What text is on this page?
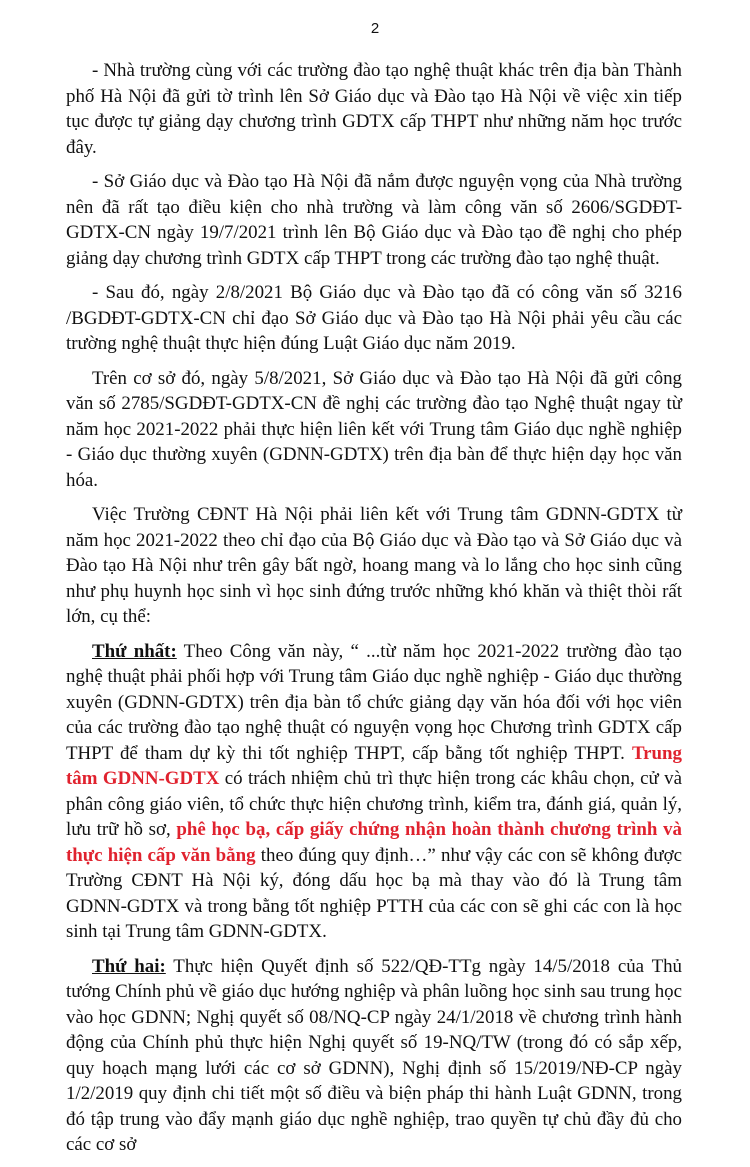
2

- Nhà trường cùng với các trường đào tạo nghệ thuật khác trên địa bàn Thành phố Hà Nội đã gửi tờ trình lên Sở Giáo dục và Đào tạo Hà Nội về việc xin tiếp tục được tự giảng dạy chương trình GDTX cấp THPT như những năm học trước đây.

- Sở Giáo dục và Đào tạo Hà Nội đã nắm được nguyện vọng của Nhà trường nên đã rất tạo điều kiện cho nhà trường và làm công văn số 2606/SGDĐT-GDTX-CN ngày 19/7/2021 trình lên Bộ Giáo dục và Đào tạo đề nghị cho phép giảng dạy chương trình GDTX cấp THPT trong các trường đào tạo nghệ thuật.

- Sau đó, ngày 2/8/2021 Bộ Giáo dục và Đào tạo đã có công văn số 3216 /BGDĐT-GDTX-CN chỉ đạo Sở Giáo dục và Đào tạo Hà Nội phải yêu cầu các trường nghệ thuật thực hiện đúng Luật Giáo dục năm 2019.

Trên cơ sở đó, ngày 5/8/2021, Sở Giáo dục và Đào tạo Hà Nội đã gửi công văn số 2785/SGDĐT-GDTX-CN đề nghị các trường đào tạo Nghệ thuật ngay từ năm học 2021-2022 phải thực hiện liên kết với Trung tâm Giáo dục nghề nghiệp - Giáo dục thường xuyên (GDNN-GDTX) trên địa bàn để thực hiện dạy học văn hóa.

Việc Trường CĐNT Hà Nội phải liên kết với Trung tâm GDNN-GDTX từ năm học 2021-2022 theo chỉ đạo của Bộ Giáo dục và Đào tạo và Sở Giáo dục và Đào tạo Hà Nội như trên gây bất ngờ, hoang mang và lo lắng cho học sinh cũng như phụ huynh học sinh vì học sinh đứng trước những khó khăn và thiệt thòi rất lớn, cụ thể:

Thứ nhất: Theo Công văn này, “ ...từ năm học 2021-2022 trường đào tạo nghệ thuật phải phối hợp với Trung tâm Giáo dục nghề nghiệp - Giáo dục thường xuyên (GDNN-GDTX) trên địa bàn tổ chức giảng dạy văn hóa đối với học viên của các trường đào tạo nghệ thuật có nguyện vọng học Chương trình GDTX cấp THPT để tham dự kỳ thi tốt nghiệp THPT, cấp bằng tốt nghiệp THPT. Trung tâm GDNN-GDTX có trách nhiệm chủ trì thực hiện trong các khâu chọn, cử và phân công giáo viên, tổ chức thực hiện chương trình, kiểm tra, đánh giá, quản lý, lưu trữ hồ sơ, phê học bạ, cấp giấy chứng nhận hoàn thành chương trình và thực hiện cấp văn bằng theo đúng quy định…” như vậy các con sẽ không được Trường CĐNT Hà Nội ký, đóng dấu học bạ mà thay vào đó là Trung tâm GDNN-GDTX và trong bằng tốt nghiệp PTTH của các con sẽ ghi các con là học sinh tại Trung tâm GDNN-GDTX.

Thứ hai: Thực hiện Quyết định số 522/QĐ-TTg ngày 14/5/2018 của Thủ tướng Chính phủ về giáo dục hướng nghiệp và phân luồng học sinh sau trung học vào học GDNN; Nghị quyết số 08/NQ-CP ngày 24/1/2018 về chương trình hành động của Chính phủ thực hiện Nghị quyết số 19-NQ/TW (trong đó có sắp xếp, quy hoạch mạng lưới các cơ sở GDNN), Nghị định số 15/2019/NĐ-CP ngày 1/2/2019 quy định chi tiết một số điều và biện pháp thi hành Luật GDNN, trong đó tập trung vào đẩy mạnh giáo dục nghề nghiệp, trao quyền tự chủ đầy đủ cho các cơ sở
